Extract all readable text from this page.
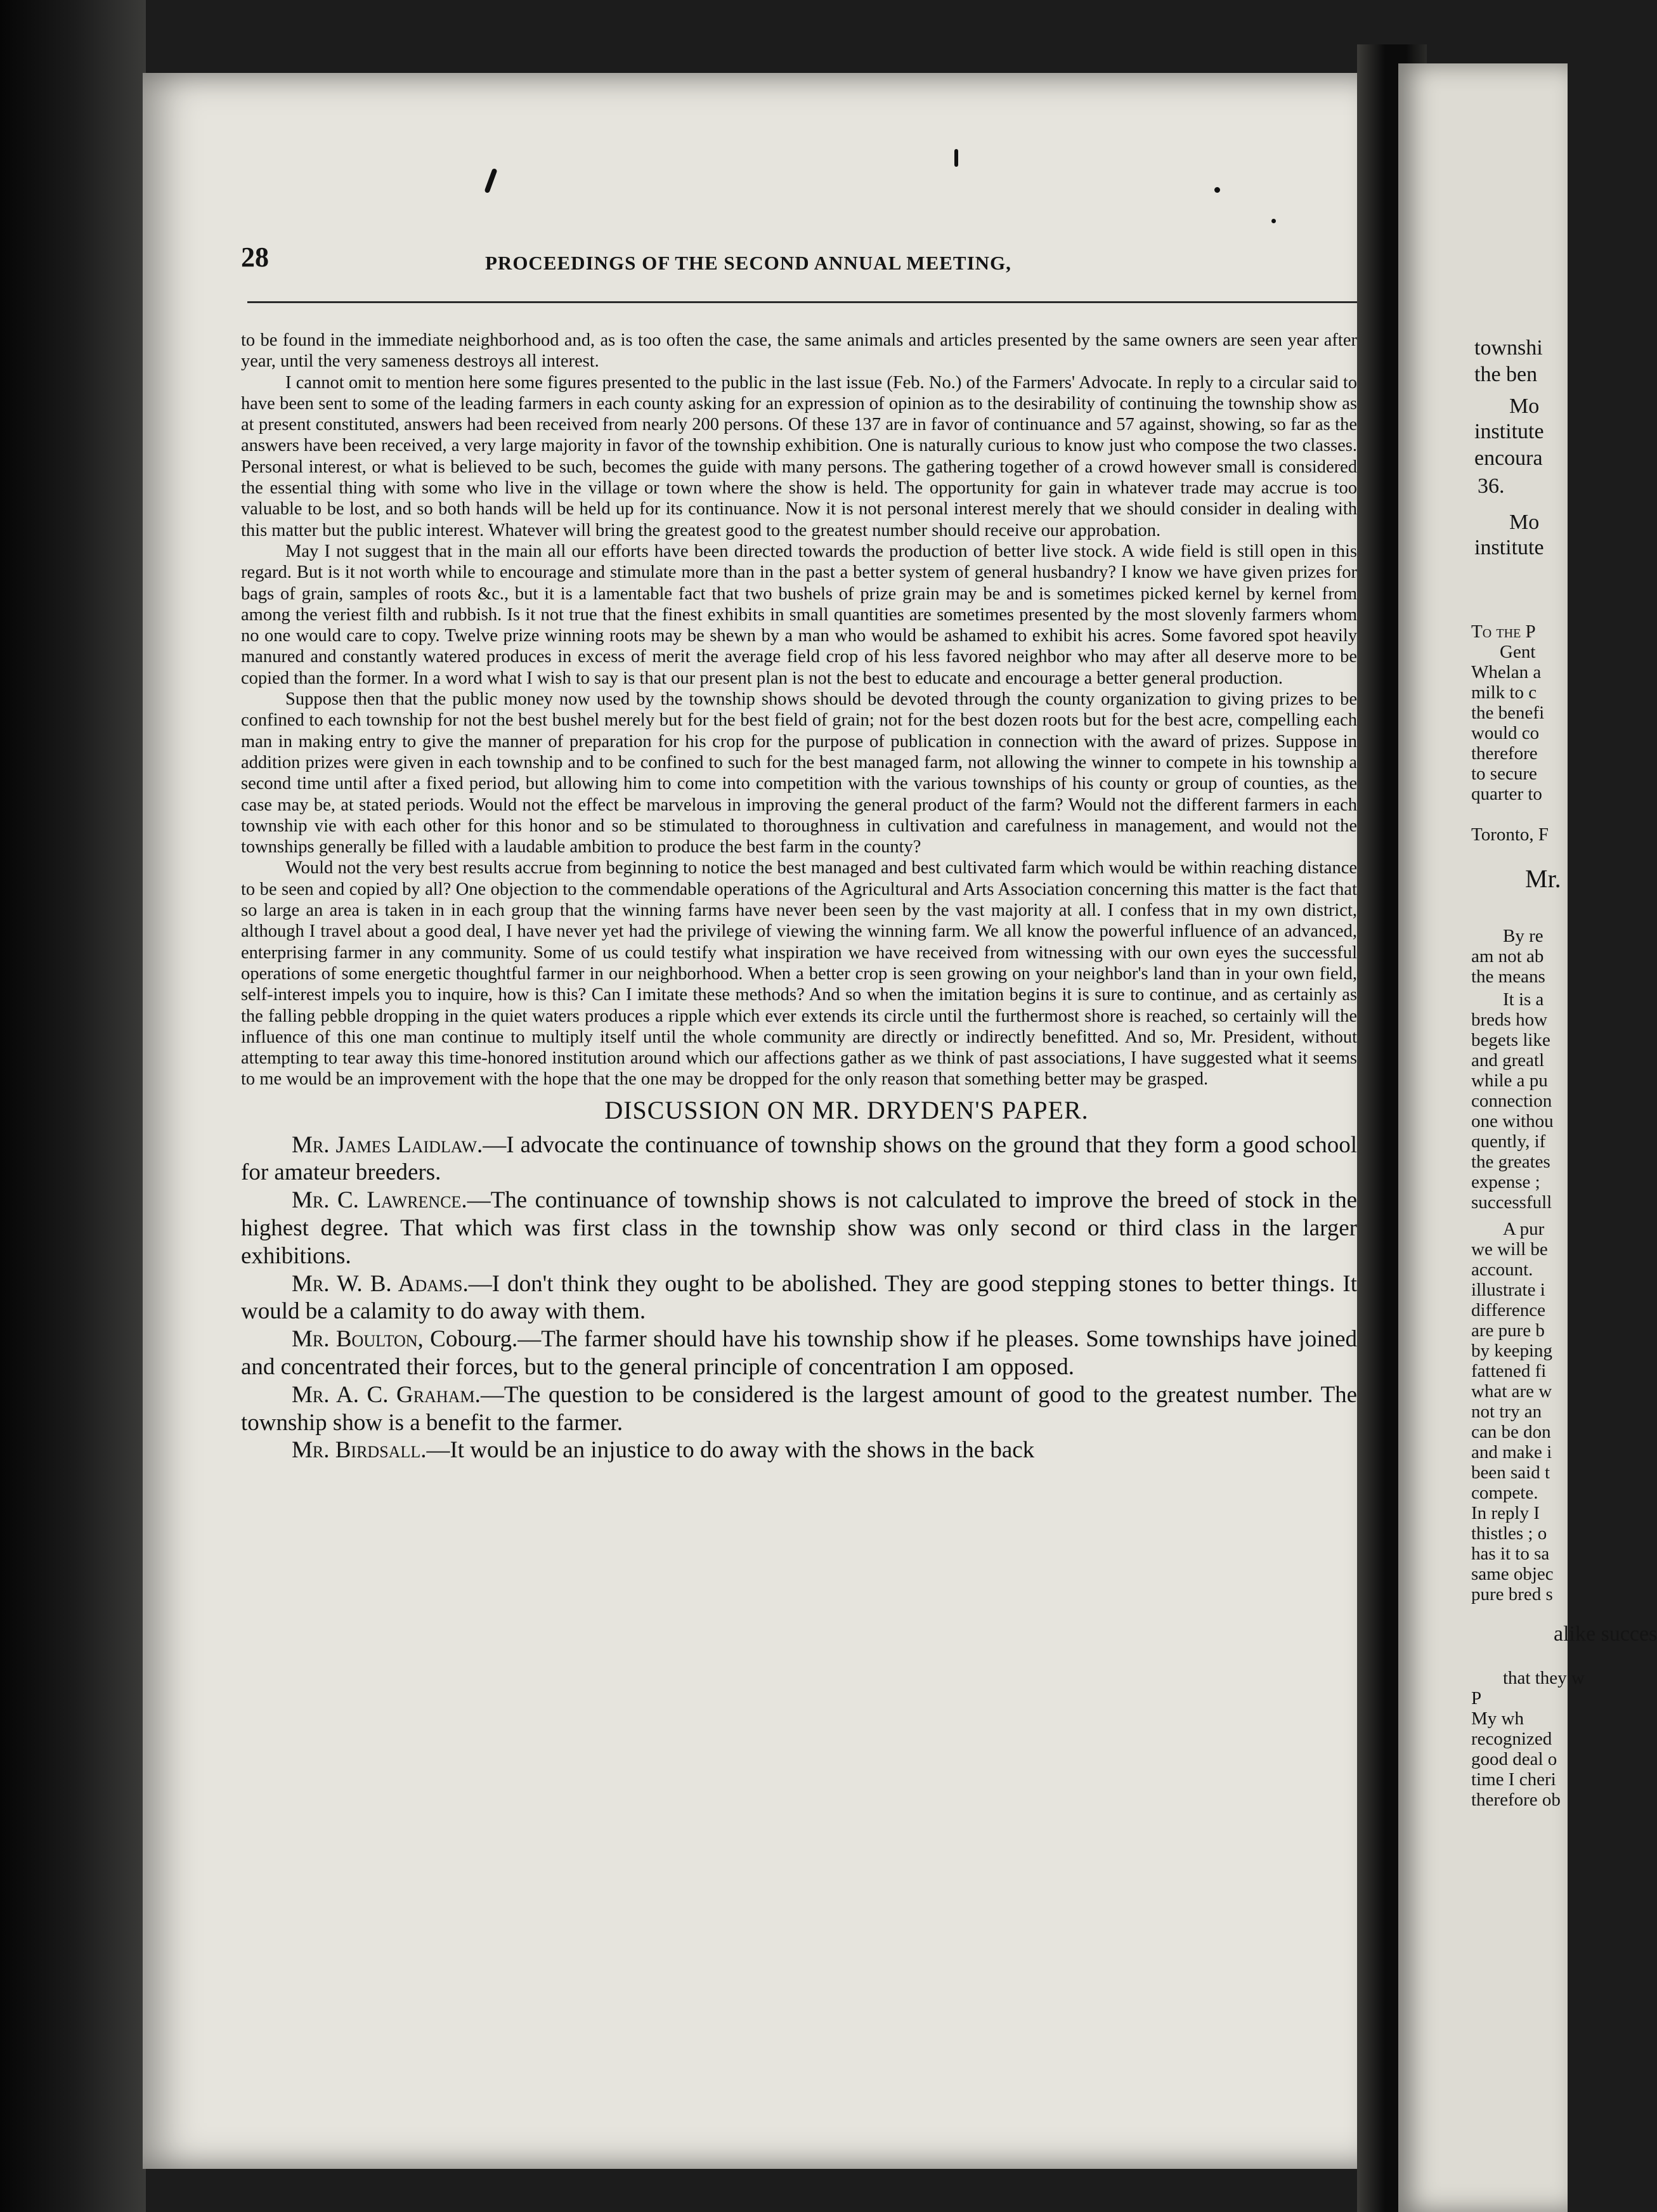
28	PROCEEDINGS OF THE SECOND ANNUAL MEETING,

to be found in the immediate neighborhood and, as is too often the case, the same animals and articles presented by the same owners are seen year after year, until the very sameness destroys all interest.

I cannot omit to mention here some figures presented to the public in the last issue (Feb. No.) of the Farmers' Advocate. In reply to a circular said to have been sent to some of the leading farmers in each county asking for an expression of opinion as to the desirability of continuing the township show as at present constituted, answers had been received from nearly 200 persons. Of these 137 are in favor of continuance and 57 against, showing, so far as the answers have been received, a very large majority in favor of the township exhibition. One is naturally curious to know just who compose the two classes. Personal interest, or what is believed to be such, becomes the guide with many persons. The gathering together of a crowd however small is considered the essential thing with some who live in the village or town where the show is held. The opportunity for gain in whatever trade may accrue is too valuable to be lost, and so both hands will be held up for its continuance. Now it is not personal interest merely that we should consider in dealing with this matter but the public interest. Whatever will bring the greatest good to the greatest number should receive our approbation.

May I not suggest that in the main all our efforts have been directed towards the production of better live stock. A wide field is still open in this regard. But is it not worth while to encourage and stimulate more than in the past a better system of general husbandry? I know we have given prizes for bags of grain, samples of roots &c., but it is a lamentable fact that two bushels of prize grain may be and is sometimes picked kernel by kernel from among the veriest filth and rubbish. Is it not true that the finest exhibits in small quantities are sometimes presented by the most slovenly farmers whom no one would care to copy. Twelve prize winning roots may be shewn by a man who would be ashamed to exhibit his acres. Some favored spot heavily manured and constantly watered produces in excess of merit the average field crop of his less favored neighbor who may after all deserve more to be copied than the former. In a word what I wish to say is that our present plan is not the best to educate and encourage a better general production.

Suppose then that the public money now used by the township shows should be devoted through the county organization to giving prizes to be confined to each township for not the best bushel merely but for the best field of grain; not for the best dozen roots but for the best acre, compelling each man in making entry to give the manner of preparation for his crop for the purpose of publication in connection with the award of prizes. Suppose in addition prizes were given in each township and to be confined to such for the best managed farm, not allowing the winner to compete in his township a second time until after a fixed period, but allowing him to come into competition with the various townships of his county or group of counties, as the case may be, at stated periods. Would not the effect be marvelous in improving the general product of the farm? Would not the different farmers in each township vie with each other for this honor and so be stimulated to thoroughness in cultivation and carefulness in management, and would not the townships generally be filled with a laudable ambition to produce the best farm in the county?

Would not the very best results accrue from beginning to notice the best managed and best cultivated farm which would be within reaching distance to be seen and copied by all? One objection to the commendable operations of the Agricultural and Arts Association concerning this matter is the fact that so large an area is taken in in each group that the winning farms have never been seen by the vast majority at all. I confess that in my own district, although I travel about a good deal, I have never yet had the privilege of viewing the winning farm. We all know the powerful influence of an advanced, enterprising farmer in any community. Some of us could testify what inspiration we have received from witnessing with our own eyes the successful operations of some energetic thoughtful farmer in our neighborhood. When a better crop is seen growing on your neighbor's land than in your own field, self-interest impels you to inquire, how is this? Can I imitate these methods? And so when the imitation begins it is sure to continue, and as certainly as the falling pebble dropping in the quiet waters produces a ripple which ever extends its circle until the furthermost shore is reached, so certainly will the influence of this one man continue to multiply itself until the whole community are directly or indirectly benefitted. And so, Mr. President, without attempting to tear away this time-honored institution around which our affections gather as we think of past associations, I have suggested what it seems to me would be an improvement with the hope that the one may be dropped for the only reason that something better may be grasped.

DISCUSSION ON MR. DRYDEN'S PAPER.

Mr. James Laidlaw.—I advocate the continuance of township shows on the ground that they form a good school for amateur breeders.

Mr. C. Lawrence.—The continuance of township shows is not calculated to improve the breed of stock in the highest degree. That which was first class in the township show was only second or third class in the larger exhibitions.

Mr. W. B. Adams.—I don't think they ought to be abolished. They are good stepping stones to better things. It would be a calamity to do away with them.

Mr. Boulton, Cobourg.—The farmer should have his township show if he pleases. Some townships have joined and concentrated their forces, but to the general principle of concentration I am opposed.

Mr. A. C. Graham.—The question to be considered is the largest amount of good to the greatest number. The township show is a benefit to the farmer.

Mr. Birdsall.—It would be an injustice to do away with the shows in the back

townshi
the ben
Mo
institute
encoura
36.
Mo
institute
To the P
Gent
Whelan a
milk to c
the benefi
would co
therefore
to secure
quarter to
Toronto, F
Mr.
By re
am not ab
the means
It is a
breds how
begets like
and greatl
while a pu
connection
one withou
quently, if
the greates
expense ;
successfull
A pur
we will be
account.
illustrate i
difference
are pure b
by keeping
fattened fi
what are w
not try an
can be don
and make i
been said t
compete.
In reply I
thistles ; o
has it to sa
same objec
pure bred s
alike succes
that they w
P
My wh
recognized
good deal o
time I cheri
therefore ob
